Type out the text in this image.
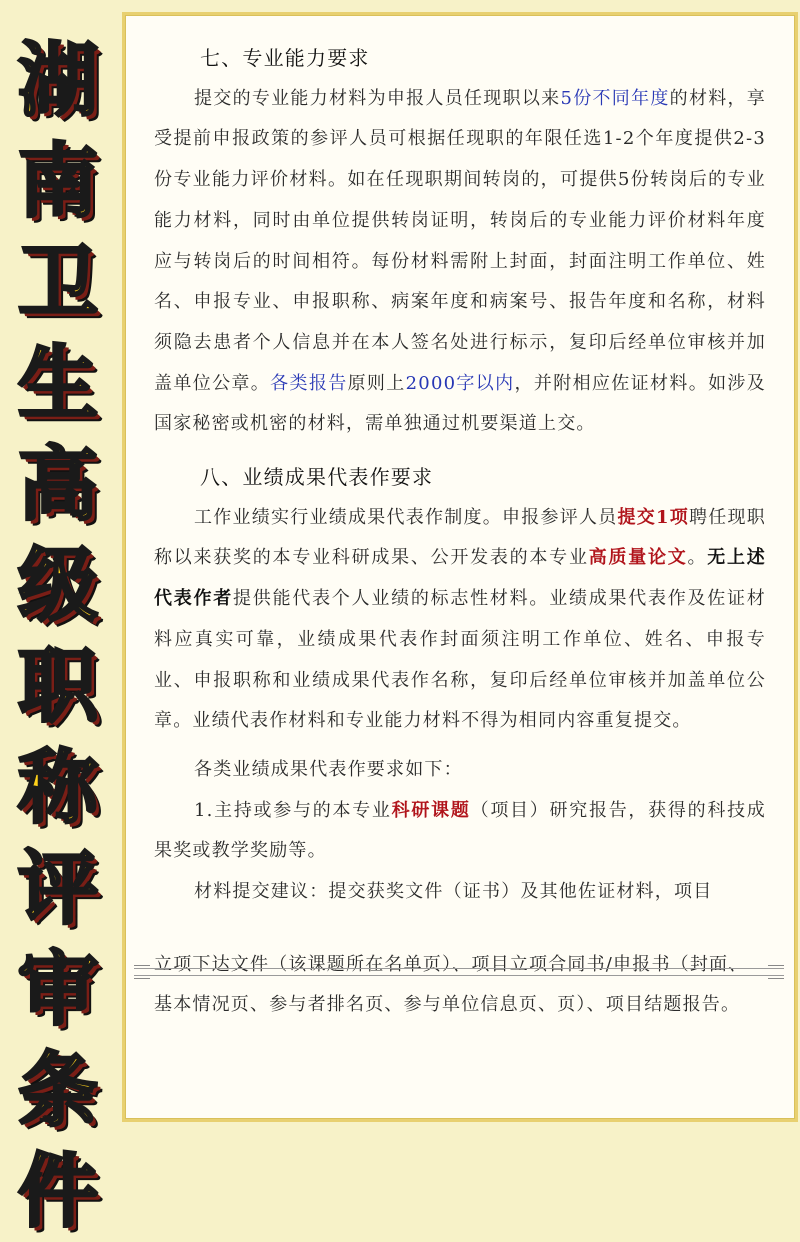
湖
南
卫
生
高
级
职
称
评
审
条
件

七、专业能力要求

提交的专业能力材料为申报人员任现职以来5份不同年度的材料，享受提前申报政策的参评人员可根据任现职的年限任选1-2个年度提供2-3份专业能力评价材料。如在任现职期间转岗的，可提供5份转岗后的专业能力材料，同时由单位提供转岗证明，转岗后的专业能力评价材料年度应与转岗后的时间相符。每份材料需附上封面，封面注明工作单位、姓名、申报专业、申报职称、病案年度和病案号、报告年度和名称，材料须隐去患者个人信息并在本人签名处进行标示，复印后经单位审核并加盖单位公章。各类报告原则上2000字以内，并附相应佐证材料。如涉及国家秘密或机密的材料，需单独通过机要渠道上交。

八、业绩成果代表作要求

工作业绩实行业绩成果代表作制度。申报参评人员提交1项聘任现职称以来获奖的本专业科研成果、公开发表的本专业高质量论文。无上述代表作者提供能代表个人业绩的标志性材料。业绩成果代表作及佐证材料应真实可靠，业绩成果代表作封面须注明工作单位、姓名、申报专业、申报职称和业绩成果代表作名称，复印后经单位审核并加盖单位公章。业绩代表作材料和专业能力材料不得为相同内容重复提交。

各类业绩成果代表作要求如下：

1.主持或参与的本专业科研课题（项目）研究报告，获得的科技成果奖或教学奖励等。

材料提交建议：提交获奖文件（证书）及其他佐证材料，项目

立项下达文件（该课题所在名单页）、项目立项合同书/申报书（封面、基本情况页、参与者排名页、参与单位信息页、页）、项目结题报告。
